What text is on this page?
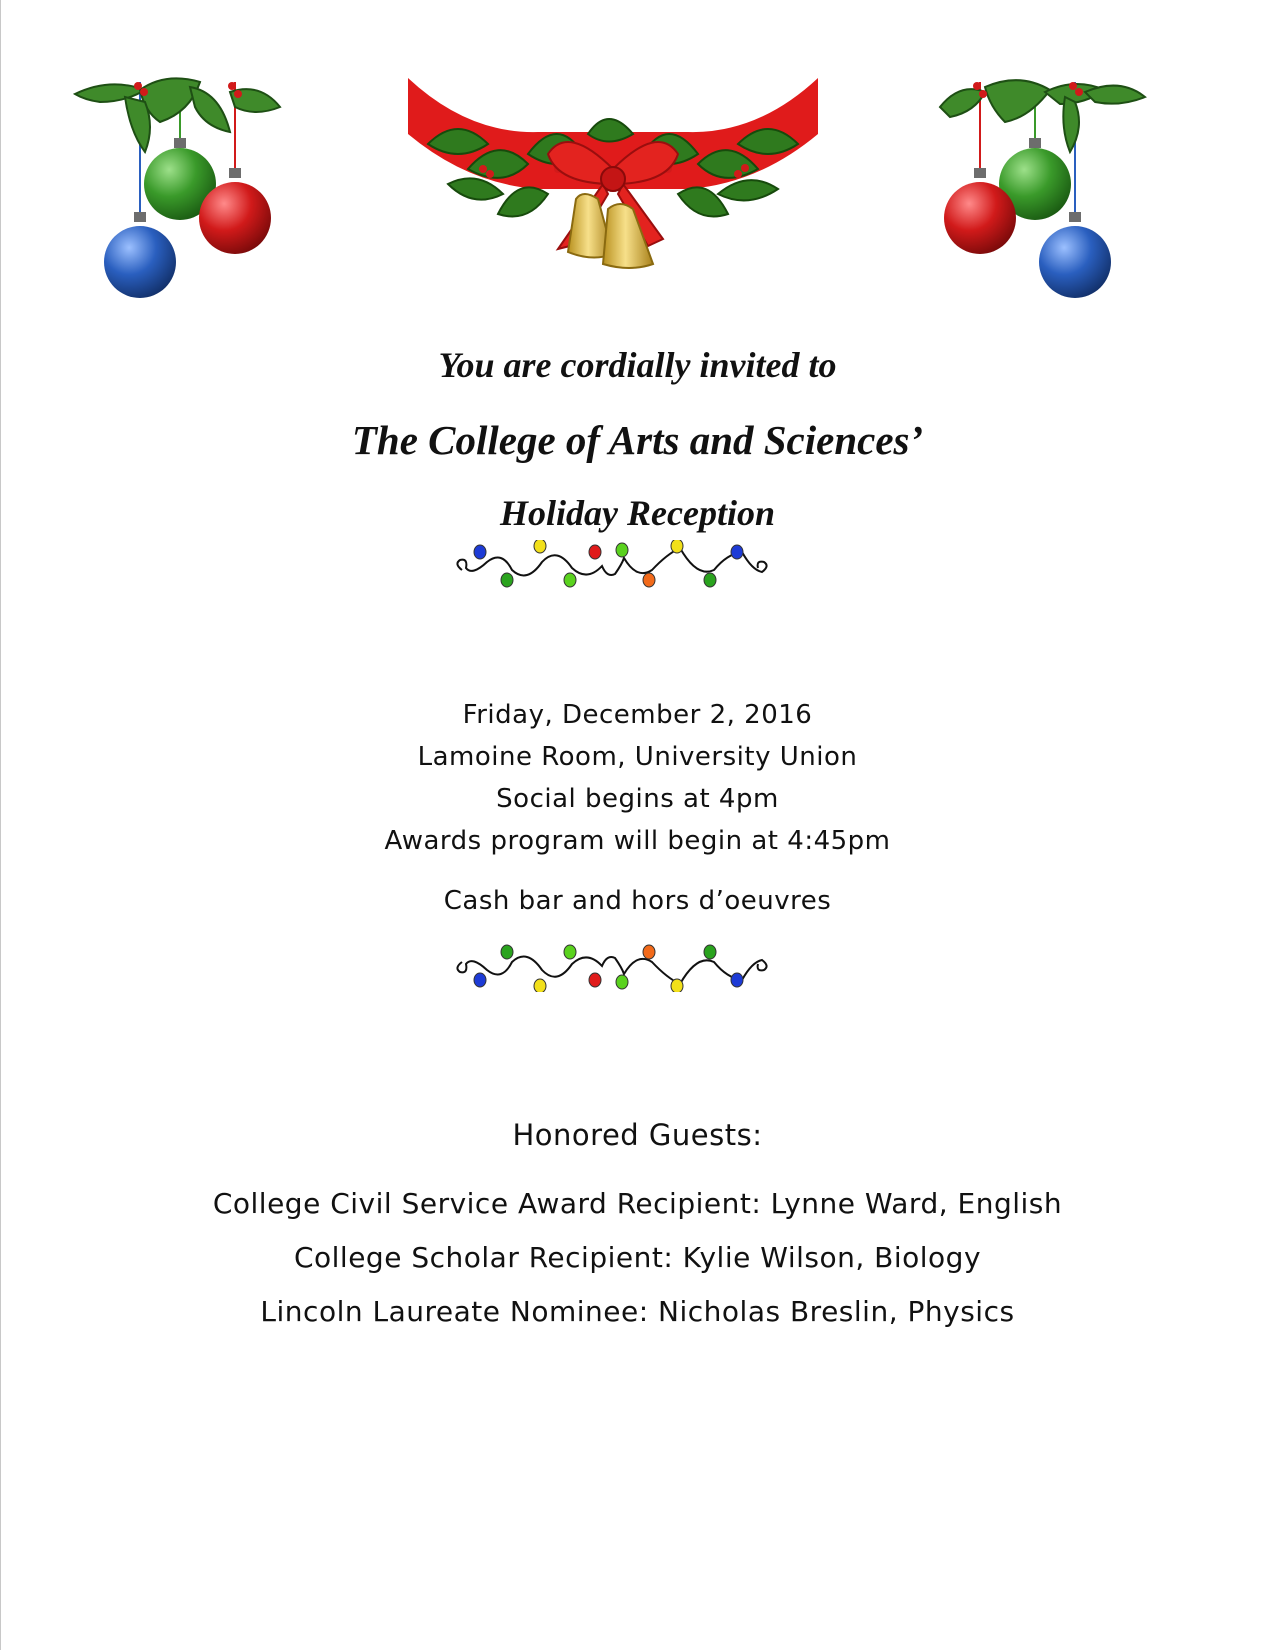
You are cordially invited to
The College of Arts and Sciences’
Holiday Reception
Friday, December 2, 2016
Lamoine Room, University Union
Social begins at 4pm
Awards program will begin at 4:45pm
Cash bar and hors d’oeuvres
Honored Guests:
College Civil Service Award Recipient: Lynne Ward, English
College Scholar Recipient: Kylie Wilson, Biology
Lincoln Laureate Nominee: Nicholas Breslin, Physics
